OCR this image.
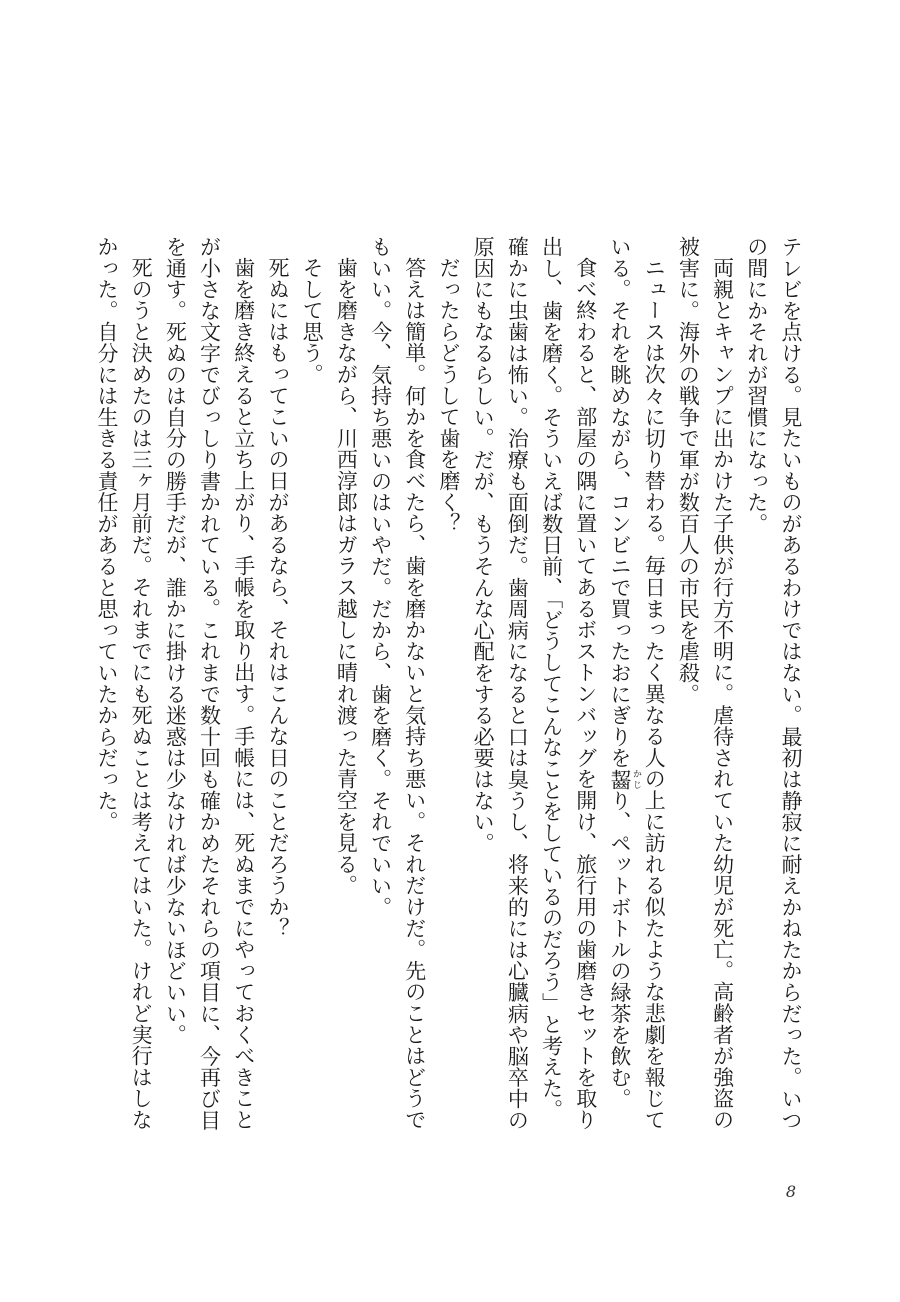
テレビを点ける。見たいものがあるわけではない。最初は静寂に耐えかねたからだった。いつの間にかそれが習慣になった。

両親とキャンプに出かけた子供が行方不明に。虐待されていた幼児が死亡。高齢者が強盗の被害に。海外の戦争で軍が数百人の市民を虐殺。

ニュースは次々に切り替わる。毎日まったく異なる人の上に訪れる似たような悲劇を報じている。それを眺めながら、コンビニで買ったおにぎりを齧 かじり、ペットボトルの緑茶を飲む。

食べ終わると、部屋の隅に置いてあるボストンバッグを開け、旅行用の歯磨きセットを取り出し、歯を磨く。そういえば数日前、「どうしてこんなことをしているのだろう」と考えた。確かに虫歯は怖い。治療も面倒だ。歯周病になると口は臭うし、将来的には心臓病や脳卒中の原因にもなるらしい。だが、もうそんな心配をする必要はない。

だったらどうして歯を磨く？

答えは簡単。何かを食べたら、歯を磨かないと気持ち悪い。それだけだ。先のことはどうでもいい。今、気持ち悪いのはいやだ。だから、歯を磨く。それでいい。

歯を磨きながら、川西淳郎はガラス越しに晴れ渡った青空を見る。

そして思う。

死ぬにはもってこいの日があるなら、それはこんな日のことだろうか？

歯を磨き終えると立ち上がり、手帳を取り出す。手帳には、死ぬまでにやっておくべきことが小さな文字でびっしり書かれている。これまで数十回も確かめたそれらの項目に、今再び目を通す。死ぬのは自分の勝手だが、誰かに掛ける迷惑は少なければ少ないほどいい。

死のうと決めたのは三ヶ月前だ。それまでにも死ぬことは考えてはいた。けれど実行はしなかった。自分には生きる責任があると思っていたからだった。

8
